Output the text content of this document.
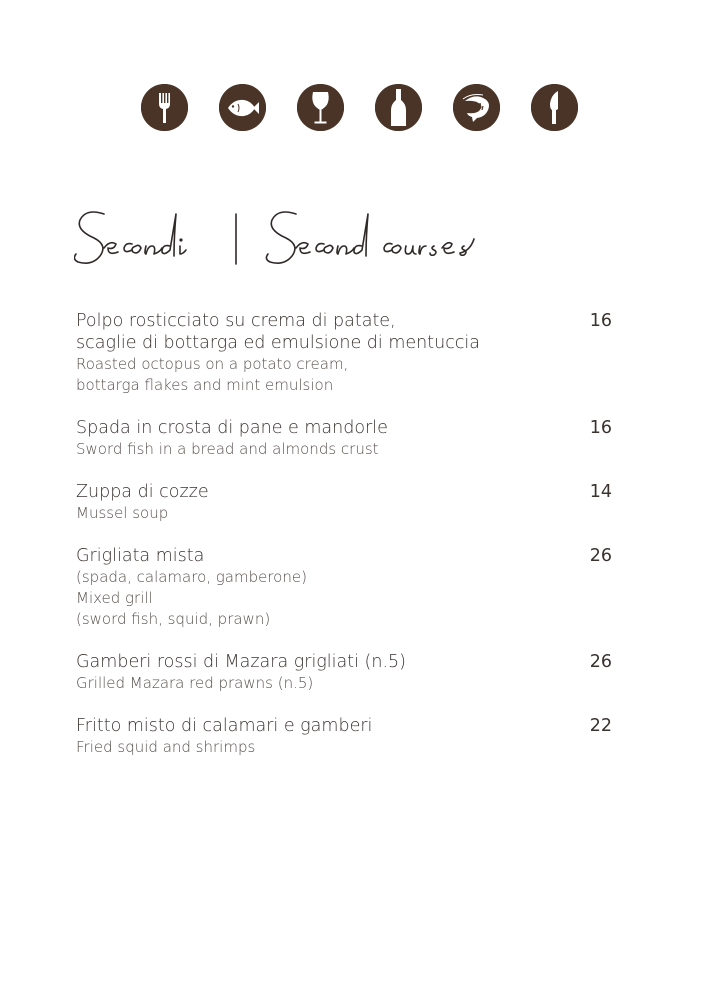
Polpo rosticciato su crema di patate,
scaglie di bottarga ed emulsione di mentuccia
Roasted octopus on a potato cream,
bottarga flakes and mint emulsion
16
Spada in crosta di pane e mandorle
Sword fish in a bread and almonds crust
16
Zuppa di cozze
Mussel soup
14
Grigliata mista
(spada, calamaro, gamberone)
Mixed grill
(sword fish, squid, prawn)
26
Gamberi rossi di Mazara grigliati (n.5)
Grilled Mazara red prawns (n.5)
26
Fritto misto di calamari e gamberi
Fried squid and shrimps
22
